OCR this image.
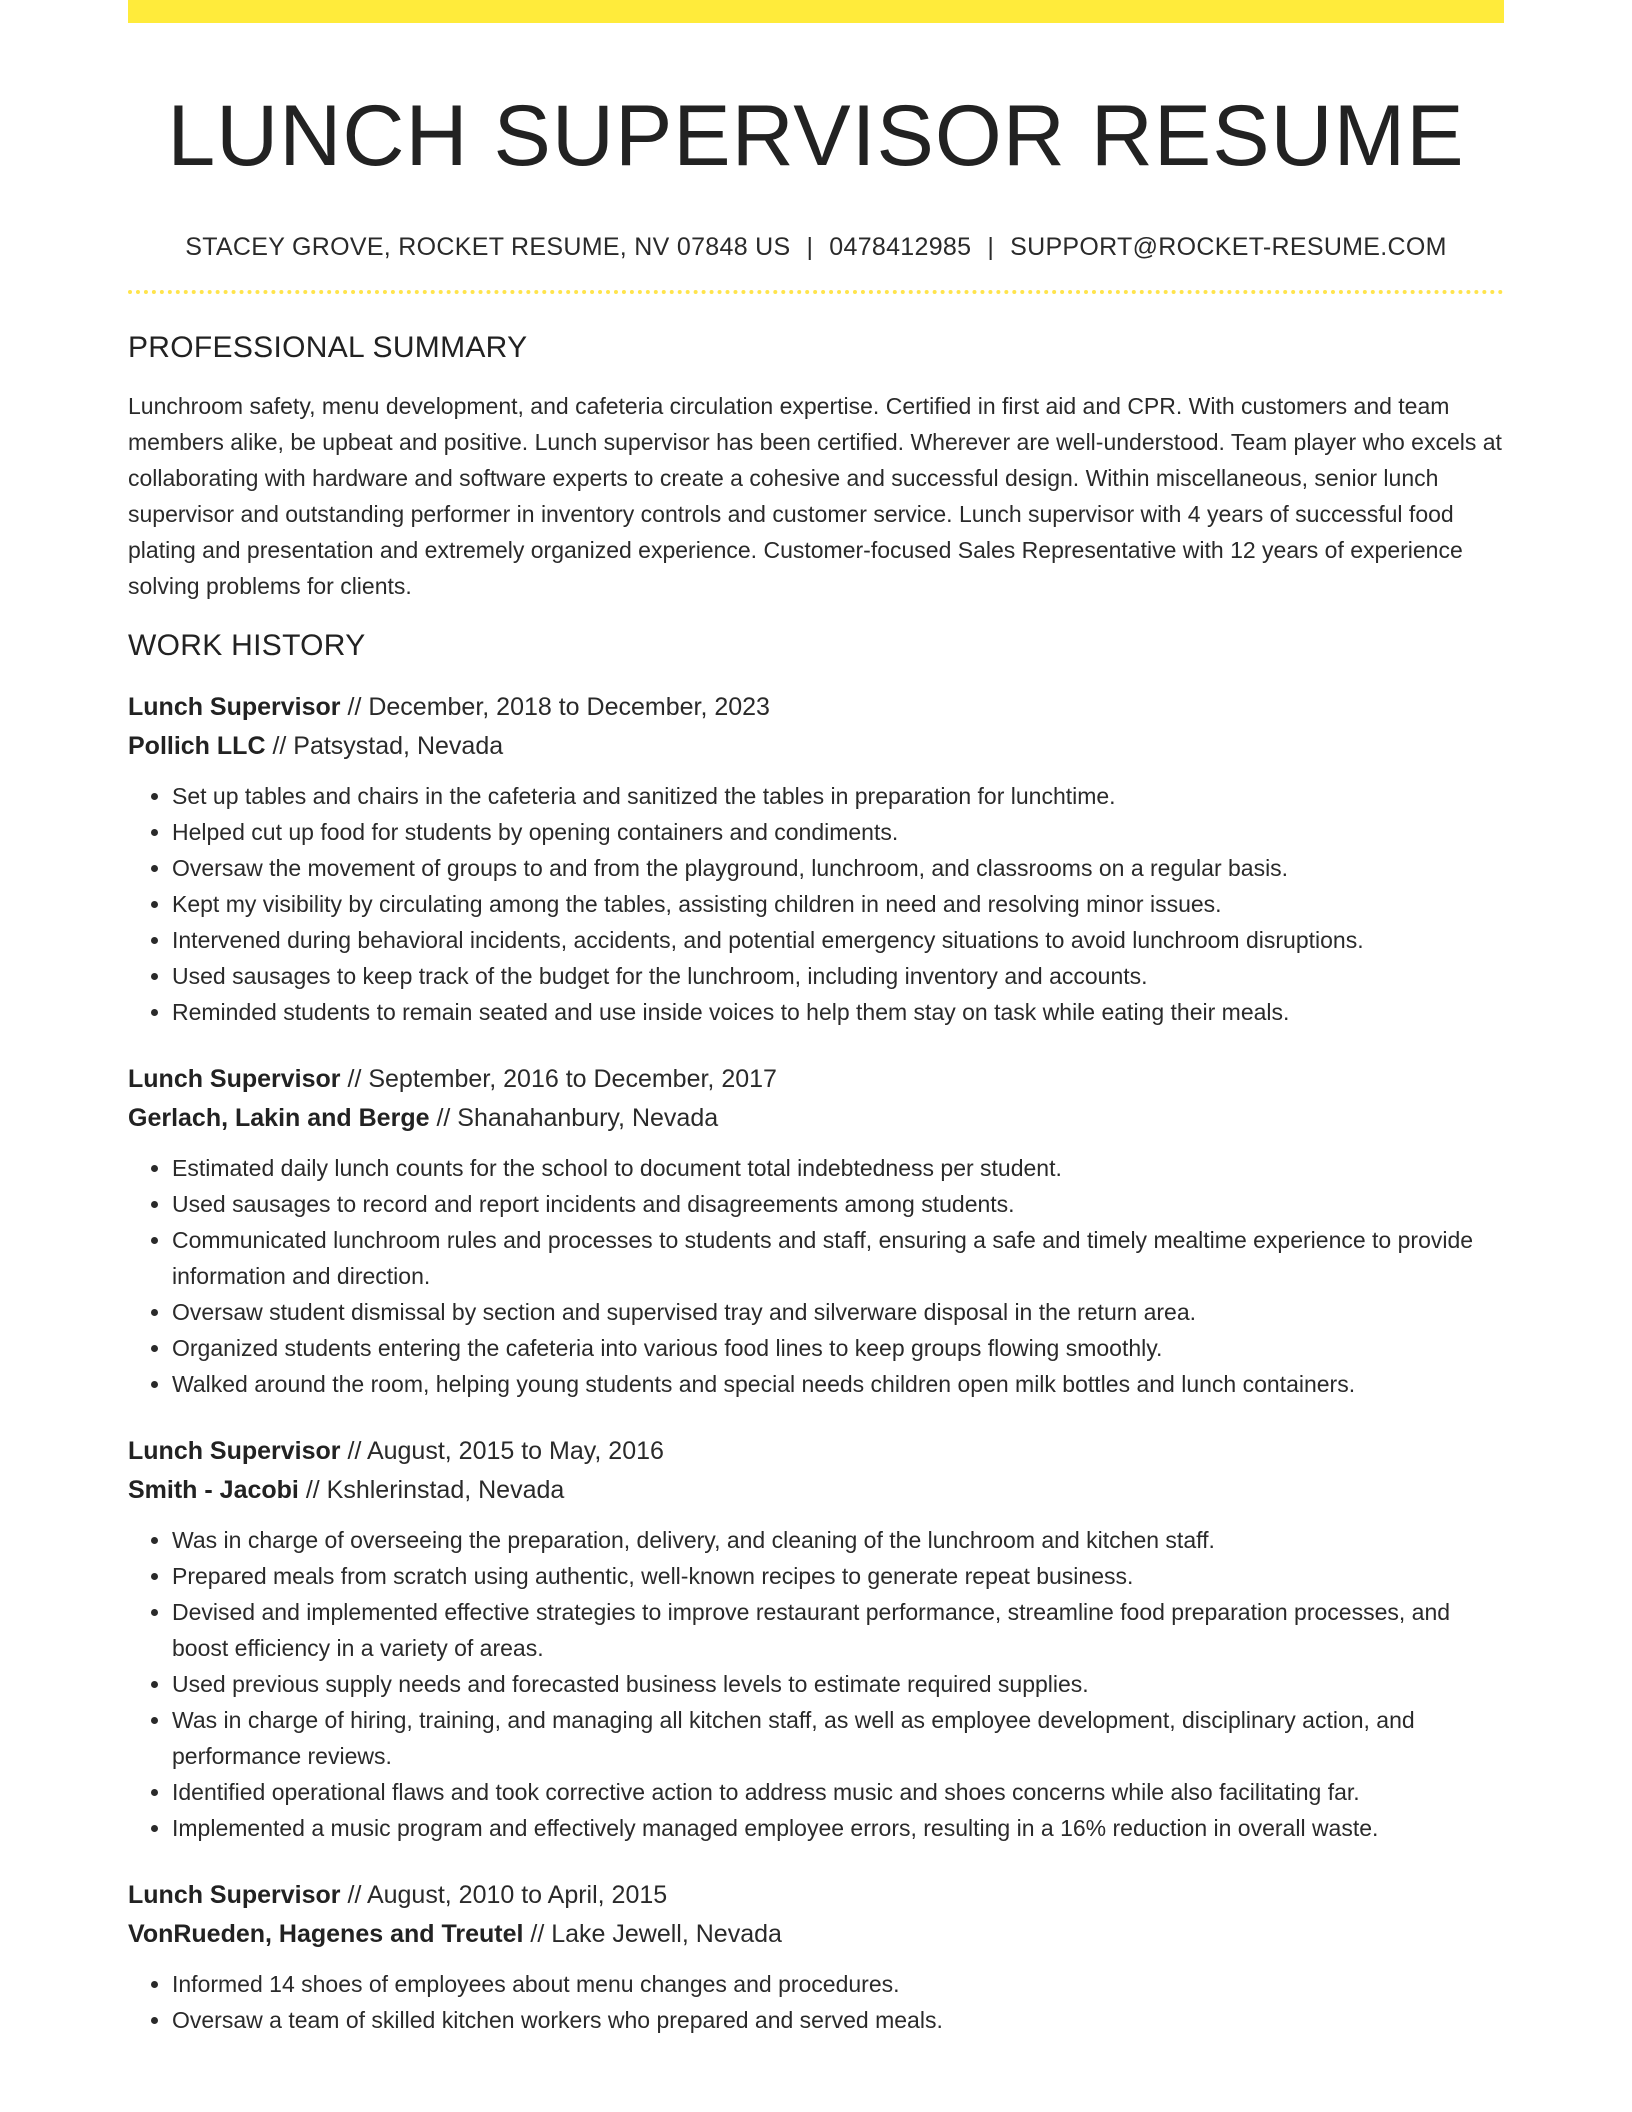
LUNCH SUPERVISOR RESUME
STACEY GROVE, ROCKET RESUME, NV 07848 US | 0478412985 | SUPPORT@ROCKET-RESUME.COM
PROFESSIONAL SUMMARY

Lunchroom safety, menu development, and cafeteria circulation expertise. Certified in first aid and CPR. With customers and team members alike, be upbeat and positive. Lunch supervisor has been certified. Wherever are well-understood. Team player who excels at collaborating with hardware and software experts to create a cohesive and successful design. Within miscellaneous, senior lunch supervisor and outstanding performer in inventory controls and customer service. Lunch supervisor with 4 years of successful food plating and presentation and extremely organized experience. Customer-focused Sales Representative with 12 years of experience solving problems for clients.

WORK HISTORY
Lunch Supervisor // December, 2018 to December, 2023
Pollich LLC // Patsystad, Nevada
• Set up tables and chairs in the cafeteria and sanitized the tables in preparation for lunchtime.
• Helped cut up food for students by opening containers and condiments.
• Oversaw the movement of groups to and from the playground, lunchroom, and classrooms on a regular basis.
• Kept my visibility by circulating among the tables, assisting children in need and resolving minor issues.
• Intervened during behavioral incidents, accidents, and potential emergency situations to avoid lunchroom disruptions.
• Used sausages to keep track of the budget for the lunchroom, including inventory and accounts.
• Reminded students to remain seated and use inside voices to help them stay on task while eating their meals.
Lunch Supervisor // September, 2016 to December, 2017
Gerlach, Lakin and Berge // Shanahanbury, Nevada
• Estimated daily lunch counts for the school to document total indebtedness per student.
• Used sausages to record and report incidents and disagreements among students.
• Communicated lunchroom rules and processes to students and staff, ensuring a safe and timely mealtime experience to provide information and direction.
• Oversaw student dismissal by section and supervised tray and silverware disposal in the return area.
• Organized students entering the cafeteria into various food lines to keep groups flowing smoothly.
• Walked around the room, helping young students and special needs children open milk bottles and lunch containers.
Lunch Supervisor // August, 2015 to May, 2016
Smith - Jacobi // Kshlerinstad, Nevada
• Was in charge of overseeing the preparation, delivery, and cleaning of the lunchroom and kitchen staff.
• Prepared meals from scratch using authentic, well-known recipes to generate repeat business.
• Devised and implemented effective strategies to improve restaurant performance, streamline food preparation processes, and boost efficiency in a variety of areas.
• Used previous supply needs and forecasted business levels to estimate required supplies.
• Was in charge of hiring, training, and managing all kitchen staff, as well as employee development, disciplinary action, and performance reviews.
• Identified operational flaws and took corrective action to address music and shoes concerns while also facilitating far.
• Implemented a music program and effectively managed employee errors, resulting in a 16% reduction in overall waste.
Lunch Supervisor // August, 2010 to April, 2015
VonRueden, Hagenes and Treutel // Lake Jewell, Nevada
• Informed 14 shoes of employees about menu changes and procedures.
• Oversaw a team of skilled kitchen workers who prepared and served meals.
